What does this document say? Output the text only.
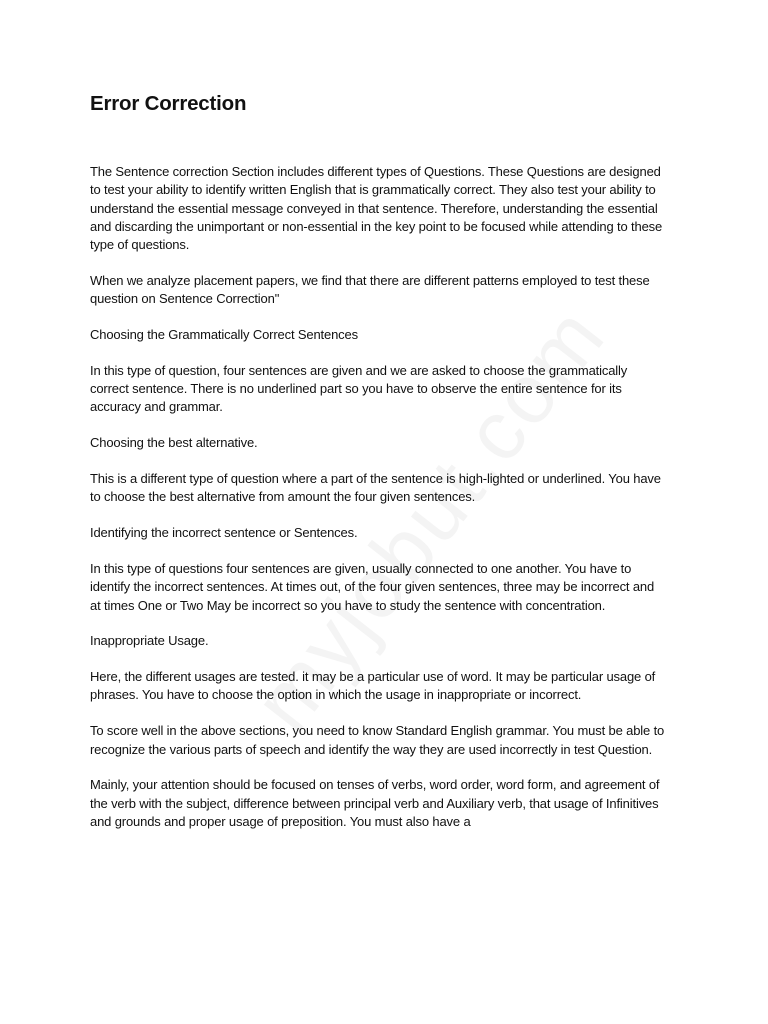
Error Correction

The Sentence correction Section includes different types of Questions. These Questions are designed to test your ability to identify written English that is grammatically correct. They also test your ability to understand the essential message conveyed in that sentence. Therefore, understanding the essential and discarding the unimportant or non-essential in the key point to be focused while attending to these type of questions.

When we analyze placement papers, we find that there are different patterns employed to test these question on Sentence Correction"

Choosing the Grammatically Correct Sentences

In this type of question, four sentences are given and we are asked to choose the grammatically correct sentence. There is no underlined part so you have to observe the entire sentence for its accuracy and grammar.

Choosing the best alternative.

This is a different type of question where a part of the sentence is high-lighted or underlined. You have to choose the best alternative from amount the four given sentences.

Identifying the incorrect sentence or Sentences.

In this type of questions four sentences are given, usually connected to one another. You have to identify the incorrect sentences. At times out, of the four given sentences, three may be incorrect and at times One or Two May be incorrect so you have to study the sentence with concentration.

Inappropriate Usage.

Here, the different usages are tested. it may be a particular use of word. It may be particular usage of phrases. You have to choose the option in which the usage in inappropriate or incorrect.

To score well in the above sections, you need to know Standard English grammar. You must be able to recognize the various parts of speech and identify the way they are used incorrectly in test Question.

Mainly, your attention should be focused on tenses of verbs, word order, word form, and agreement of the verb with the subject, difference between principal verb and Auxiliary verb, that usage of Infinitives and grounds and proper usage of preposition. You must also have a
